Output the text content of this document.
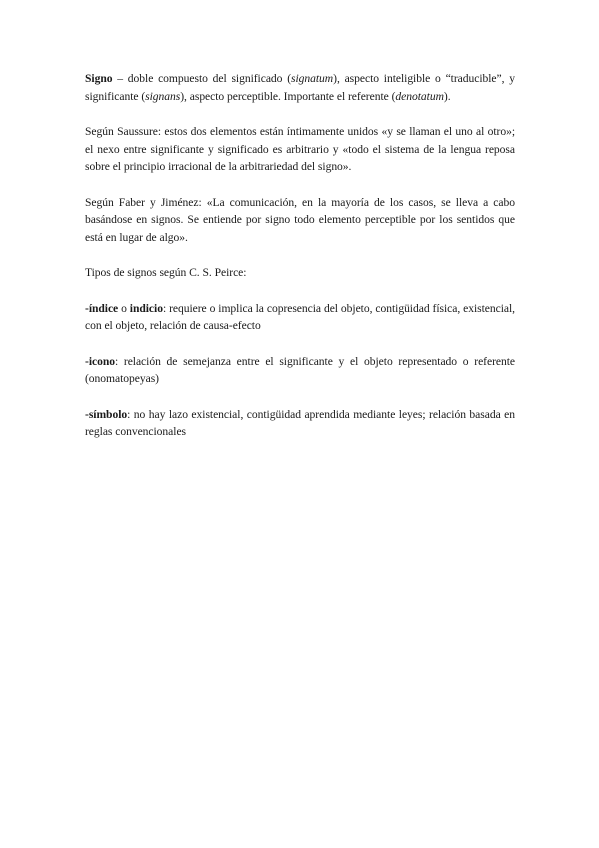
Signo – doble compuesto del significado (signatum), aspecto inteligible o “traducible”, y significante (signans), aspecto perceptible. Importante el referente (denotatum).

Según Saussure: estos dos elementos están íntimamente unidos «y se llaman el uno al otro»; el nexo entre significante y significado es arbitrario y «todo el sistema de la lengua reposa sobre el principio irracional de la arbitrariedad del signo».

Según Faber y Jiménez: «La comunicación, en la mayoría de los casos, se lleva a cabo basándose en signos. Se entiende por signo todo elemento perceptible por los sentidos que está en lugar de algo».

Tipos de signos según C. S. Peirce:

-índice o indicio: requiere o implica la copresencia del objeto, contigüidad física, existencial, con el objeto, relación de causa-efecto

-icono: relación de semejanza entre el significante y el objeto representado o referente (onomatopeyas)

-símbolo: no hay lazo existencial, contigüidad aprendida mediante leyes; relación basada en reglas convencionales
